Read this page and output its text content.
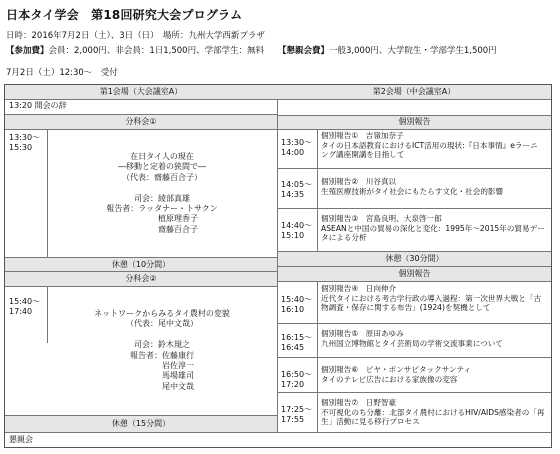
日本タイ学会　第18回研究大会プログラム
日時：2016年7月2日（土）、3日（日）　場所：九州大学西新プラザ
【参加費】会員：2,000円、非会員：1日1,500円、学部学生：無料 【懇親会費】一般3,000円、大学院生・学部学生1,500円
7月2日（土）12:30～　受付
第1会場（大会議室A）	第2会場（中会議室A）
13:20 開会の辞
分科会①
13:30～
15:30
在日タイ人の現在
―移動と定着の狭間で―
（代表：齋藤百合子）

司会：綾部真雄
報告者：ラッタナー・トサクン
　　　　植原理香子
　　　　齋藤百合子
個別報告
13:30～
14:00
個別報告①　吉嶺加奈子
タイの日本語教育におけるICT活用の現状:『日本事情』eラーニ
ング講座開講を目指して
14:05～
14:35
個別報告②　川谷真以
生殖医療技術がタイ社会にもたらす文化・社会的影響
14:40～
15:10
個別報告③　宮島良明、大泉啓一郎
ASEANと中国の貿易の深化と変化：1995年～2015年の貿易デー
タによる分析
休憩（30分間）
休憩（10分間）
分科会②
15:40～
17:40	ネットワークからみるタイ農村の変貌
（代表：尾中文哉）

司会：鈴木規之
報告者：佐藤康行
　　　　岩佐淳一
　　　　馬場雄司
　　　　尾中文哉
休憩（15分間）
個別報告
15:40～
16:10
個別報告④　日向伸介
近代タイにおける考古学行政の導入過程：第一次世界大戦と「古
物調査・保存に関する布告」(1924)を契機として
16:15～
16:45
個別報告⑤　原田あゆみ
九州国立博物館とタイ芸術局の学術交流事業について
16:50～
17:20
個別報告⑥　ピヤ・ポンサピタックサンティ
タイのテレビ広告における家族像の変容
17:25～
17:55
個別報告⑦　日野智豪
不可視化のち分離：北部タイ農村におけるHIV/AIDS感染者の「再
生」活動に見る移行プロセス
懇親会
